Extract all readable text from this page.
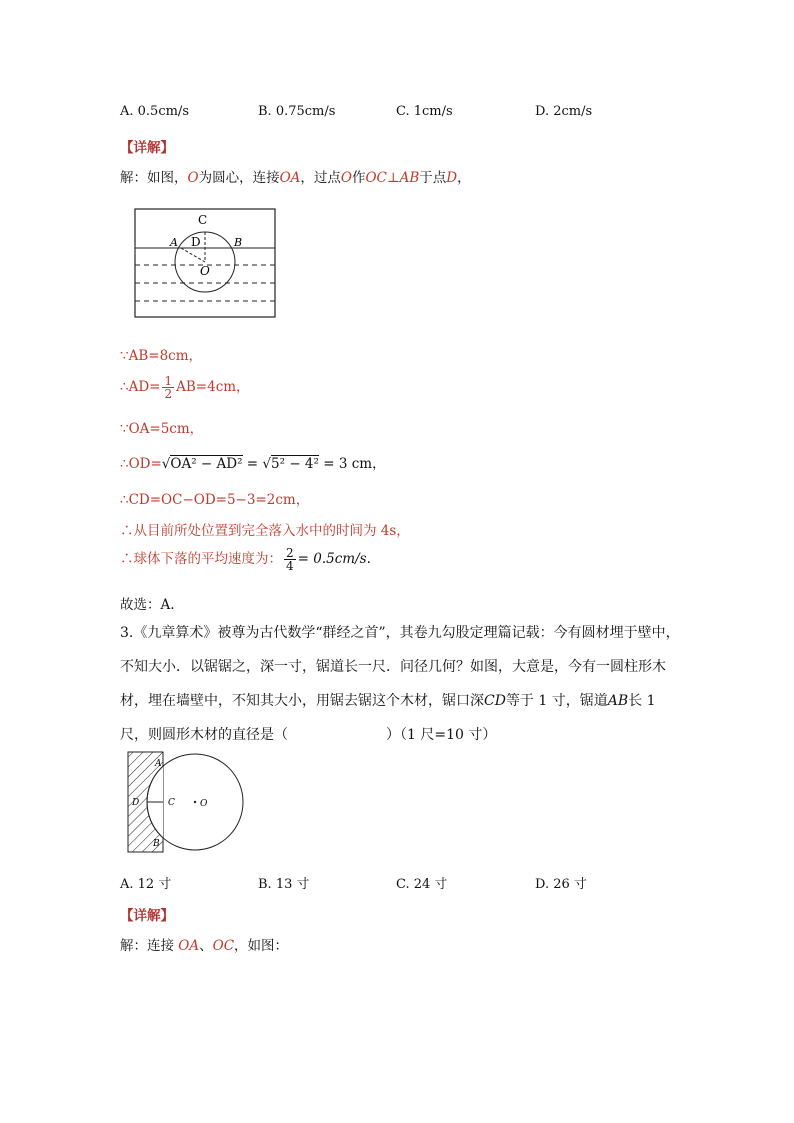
A. 0.5cm/s	B. 0.75cm/s	C. 1cm/s	D. 2cm/s
【详解】
解：如图，O为圆心，连接OA，过点O作OC⊥AB于点D，
C
D
A	B
O
⋮
∵AB=8cm，
∴AD= $\frac{1}{2} AB=4cm$，
∵OA=5cm，
∴OD=√OA² − AD² = √5² − 4² = 3 cm，
∴CD=OC−OD=5−3=2cm，
∴从目前所处位置到完全落入水中的时间为 4s，
∴球体下落的平均速度为： $\frac{2}{4} = 0.5cm/s$.
故选：A.
3.《九章算术》被尊为古代数学“群经之首”，其卷九勾股定理篇记载：今有圆材埋于壁中，不知大小．以锯锯之，深一寸，锯道长一尺．问径几何？如图，大意是，今有一圆柱形木材，埋在墙壁中，不知其大小，用锯去锯这个木材，锯口深CD等于 1 寸，锯道AB长 1 尺，则圆形木材的直径是（　　　　　　　）（1 尺=10 寸）
A
D	C	O
B
A. 12 寸	B. 13 寸	C. 24 寸	D. 26 寸
【详解】
解：连接 OA、OC，如图：
